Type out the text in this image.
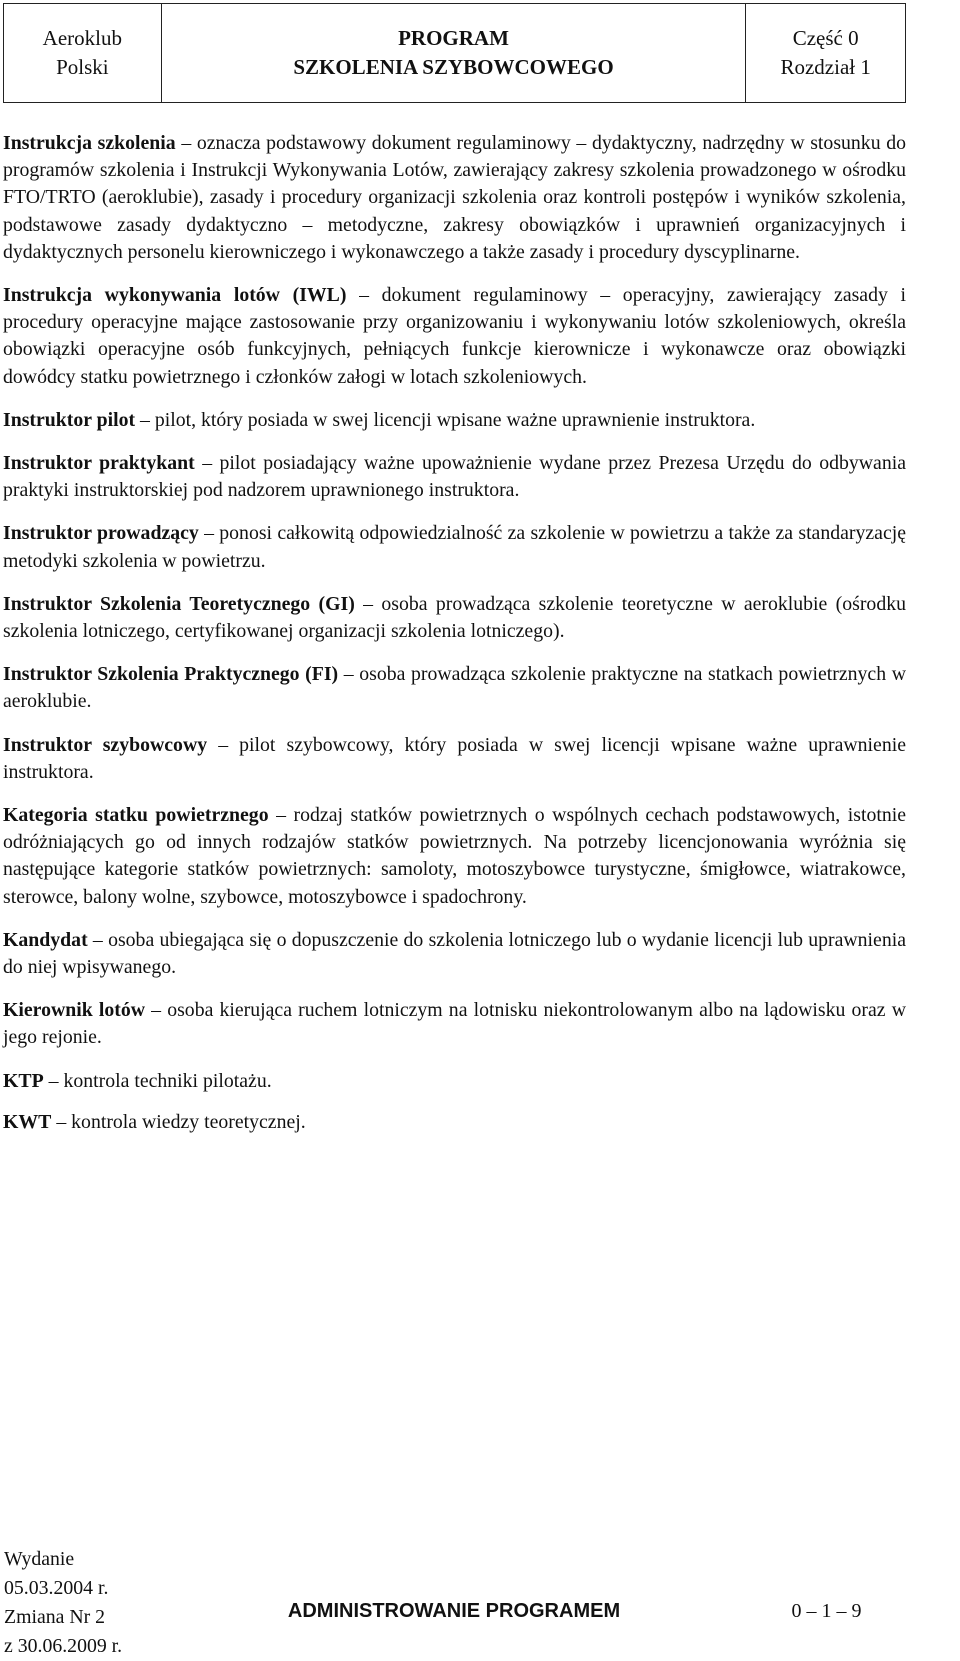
Aeroklub
Polski
PROGRAM
SZKOLENIA SZYBOWCOWEGO
Część 0
Rozdział 1

Instrukcja szkolenia – oznacza podstawowy dokument regulaminowy – dydaktyczny, nadrzędny w stosunku do programów szkolenia i Instrukcji Wykonywania Lotów, zawierający zakresy szkolenia prowadzonego w ośrodku FTO/TRTO (aeroklubie), zasady i procedury organizacji szkolenia oraz kontroli postępów i wyników szkolenia, podstawowe zasady dydaktyczno – metodyczne, zakresy obowiązków i uprawnień organizacyjnych i dydaktycznych personelu kierowniczego i wykonawczego a także zasady i procedury dyscyplinarne.

Instrukcja wykonywania lotów (IWL) – dokument regulaminowy – operacyjny, zawierający zasady i procedury operacyjne mające zastosowanie przy organizowaniu i wykonywaniu lotów szkoleniowych, określa obowiązki operacyjne osób funkcyjnych, pełniących funkcje kierownicze i wykonawcze oraz obowiązki dowódcy statku powietrznego i członków załogi w lotach szkoleniowych.

Instruktor pilot – pilot, który posiada w swej licencji wpisane ważne uprawnienie instruktora.

Instruktor praktykant – pilot posiadający ważne upoważnienie wydane przez Prezesa Urzędu do odbywania praktyki instruktorskiej pod nadzorem uprawnionego instruktora.

Instruktor prowadzący – ponosi całkowitą odpowiedzialność za szkolenie w powietrzu a także za standaryzację metodyki szkolenia w powietrzu.

Instruktor Szkolenia Teoretycznego (GI) – osoba prowadząca szkolenie teoretyczne w aeroklubie (ośrodku szkolenia lotniczego, certyfikowanej organizacji szkolenia lotniczego).

Instruktor Szkolenia Praktycznego (FI) – osoba prowadząca szkolenie praktyczne na statkach powietrznych w aeroklubie.

Instruktor szybowcowy – pilot szybowcowy, który posiada w swej licencji wpisane ważne uprawnienie instruktora.

Kategoria statku powietrznego – rodzaj statków powietrznych o wspólnych cechach podstawowych, istotnie odróżniających go od innych rodzajów statków powietrznych. Na potrzeby licencjonowania wyróżnia się następujące kategorie statków powietrznych: samoloty, motoszybowce turystyczne, śmigłowce, wiatrakowce, sterowce, balony wolne, szybowce, motoszybowce i spadochrony.

Kandydat – osoba ubiegająca się o dopuszczenie do szkolenia lotniczego lub o wydanie licencji lub uprawnienia do niej wpisywanego.

Kierownik lotów – osoba kierująca ruchem lotniczym na lotnisku niekontrolowanym albo na lądowisku oraz w jego rejonie.

KTP – kontrola techniki pilotażu.

KWT – kontrola wiedzy teoretycznej.

Wydanie
05.03.2004 r.
Zmiana Nr 2
z 30.06.2009 r.
ADMINISTROWANIE PROGRAMEM	0 – 1 – 9
